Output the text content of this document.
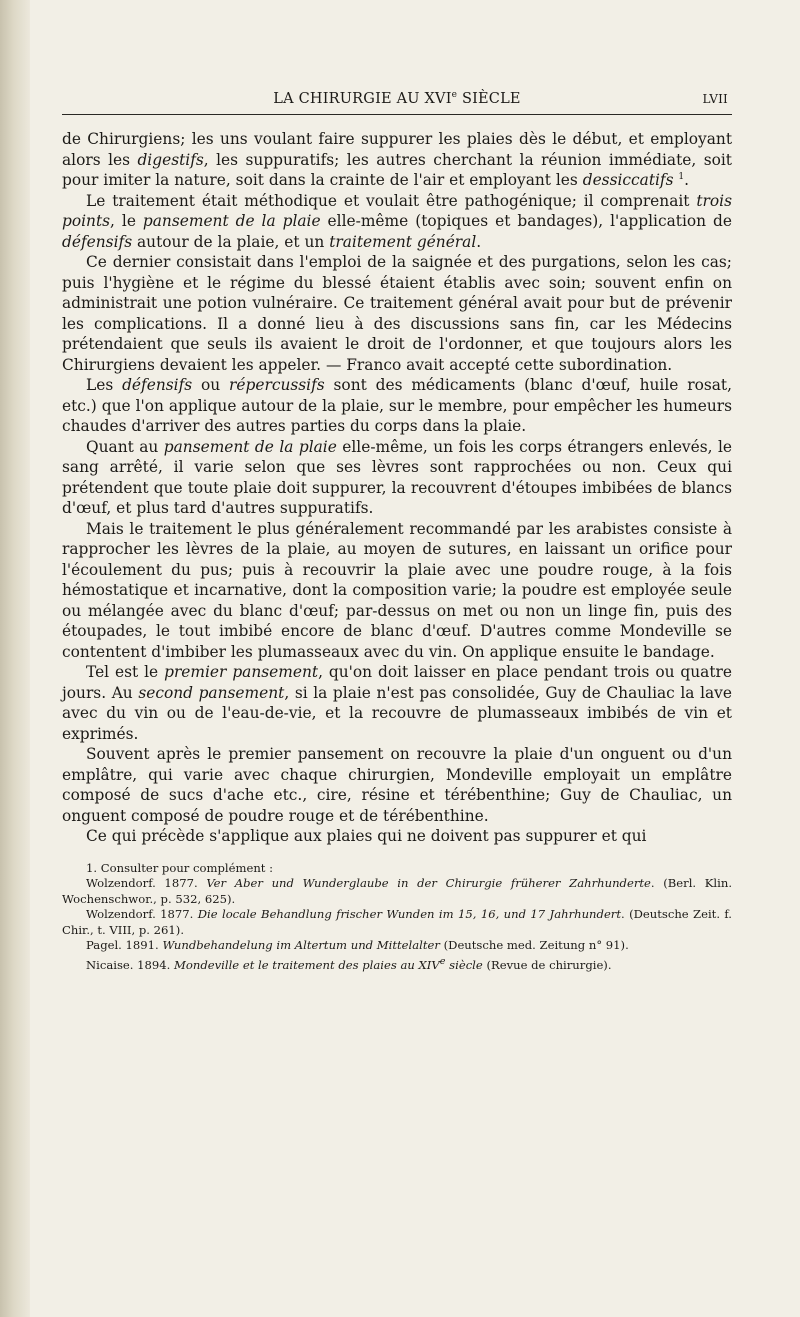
LA CHIRURGIE AU XVIe SIÈCLE	LVII

de Chirurgiens; les uns voulant faire suppurer les plaies dès le début, et employant alors les digestifs, les suppuratifs; les autres cherchant la réunion immédiate, soit pour imiter la nature, soit dans la crainte de l'air et employant les dessiccatifs $^1$.

Le traitement était méthodique et voulait être pathogénique; il comprenait trois points, le pansement de la plaie elle-même (topiques et bandages), l'application de défensifs autour de la plaie, et un traitement général.

Ce dernier consistait dans l'emploi de la saignée et des purgations, selon les cas; puis l'hygiène et le régime du blessé étaient établis avec soin; souvent enfin on administrait une potion vulnéraire. Ce traitement général avait pour but de prévenir les complications. Il a donné lieu à des discussions sans fin, car les Médecins prétendaient que seuls ils avaient le droit de l'ordonner, et que toujours alors les Chirurgiens devaient les appeler. — Franco avait accepté cette subordination.

Les défensifs ou répercussifs sont des médicaments (blanc d'œuf, huile rosat, etc.) que l'on applique autour de la plaie, sur le membre, pour empêcher les humeurs chaudes d'arriver des autres parties du corps dans la plaie.

Quant au pansement de la plaie elle-même, un fois les corps étrangers enlevés, le sang arrêté, il varie selon que ses lèvres sont rapprochées ou non. Ceux qui prétendent que toute plaie doit suppurer, la recouvrent d'étoupes imbibées de blancs d'œuf, et plus tard d'autres suppuratifs.

Mais le traitement le plus généralement recommandé par les arabistes consiste à rapprocher les lèvres de la plaie, au moyen de sutures, en laissant un orifice pour l'écoulement du pus; puis à recouvrir la plaie avec une poudre rouge, à la fois hémostatique et incarnative, dont la composition varie; la poudre est employée seule ou mélangée avec du blanc d'œuf; par-dessus on met ou non un linge fin, puis des étoupades, le tout imbibé encore de blanc d'œuf. D'autres comme Mondeville se contentent d'imbiber les plumasseaux avec du vin. On applique ensuite le bandage.

Tel est le premier pansement, qu'on doit laisser en place pendant trois ou quatre jours. Au second pansement, si la plaie n'est pas consolidée, Guy de Chauliac la lave avec du vin ou de l'eau-de-vie, et la recouvre de plumasseaux imbibés de vin et exprimés.

Souvent après le premier pansement on recouvre la plaie d'un onguent ou d'un emplâtre, qui varie avec chaque chirurgien, Mondeville employait un emplâtre composé de sucs d'ache etc., cire, résine et térébenthine; Guy de Chauliac, un onguent composé de poudre rouge et de térébenthine.

Ce qui précède s'applique aux plaies qui ne doivent pas suppurer et qui

1. Consulter pour complément :

Wolzendorf. 1877. Ver Aber und Wunderglaube in der Chirurgie früherer Zahrhunderte. (Berl. Klin. Wochenschwor., p. 532, 625).

Wolzendorf. 1877. Die locale Behandlung frischer Wunden im 15, 16, und 17 Jahrhundert. (Deutsche Zeit. f. Chir., t. VIII, p. 261).

Pagel. 1891. Wundbehandelung im Altertum und Mittelalter (Deutsche med. Zeitung n° 91).

Nicaise. 1894. Mondeville et le traitement des plaies au XIVe siècle (Revue de chirurgie).
